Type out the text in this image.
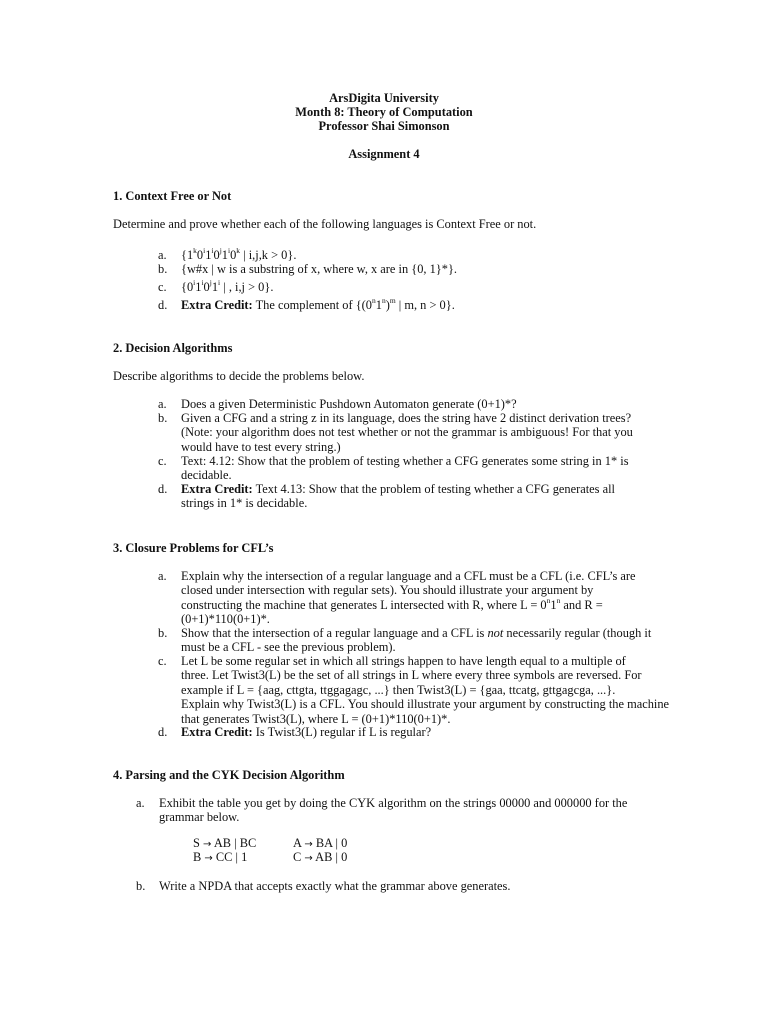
ArsDigita University
Month 8: Theory of Computation
Professor Shai Simonson
Assignment 4
1. Context Free or Not
Determine and prove whether each of the following languages is Context Free or not.
a. {1$^k$0$^i$1$^i$0$^j$1$^i$0$^k$ | i,j,k > 0}.
b. {w#x | w is a substring of x, where w, x are in {0, 1}*}.
c. {0$^i$1$^i$0$^j$1$^i$ | , i,j > 0}.
d. Extra Credit: The complement of {$(0^n1^n)^m$ | m, n > 0}.
2. Decision Algorithms
Describe algorithms to decide the problems below.
a. Does a given Deterministic Pushdown Automaton generate (0+1)*?
b. Given a CFG and a string z in its language, does the string have 2 distinct derivation trees?
(Note: your algorithm does not test whether or not the grammar is ambiguous! For that you
would have to test every string.)
c. Text: 4.12: Show that the problem of testing whether a CFG generates some string in 1* is
decidable.
d. Extra Credit: Text 4.13: Show that the problem of testing whether a CFG generates all
strings in 1* is decidable.
3. Closure Problems for CFL’s
a. Explain why the intersection of a regular language and a CFL must be a CFL (i.e. CFL’s are
closed under intersection with regular sets). You should illustrate your argument by
constructing the machine that generates L intersected with R, where $L = 0^n1^n$ and R =
(0+1)*110(0+1)*.
b. Show that the intersection of a regular language and a CFL is not necessarily regular (though it
must be a CFL - see the previous problem).
c. Let L be some regular set in which all strings happen to have length equal to a multiple of
three. Let Twist3(L) be the set of all strings in L where every three symbols are reversed. For
example if L = {aag, cttgta, ttggagagc, ...} then Twist3(L) = {gaa, ttcatg, gttgagcga, ...}.
Explain why Twist3(L) is a CFL. You should illustrate your argument by constructing the machine
that generates Twist3(L), where L = (0+1)*110(0+1)*.
d. Extra Credit: Is Twist3(L) regular if L is regular?
4. Parsing and the CYK Decision Algorithm
a. Exhibit the table you get by doing the CYK algorithm on the strings 00000 and 000000 for the
grammar below.
S → AB | BC
B → CC | 1
A → BA | 0
C → AB | 0
b. Write a NPDA that accepts exactly what the grammar above generates.
